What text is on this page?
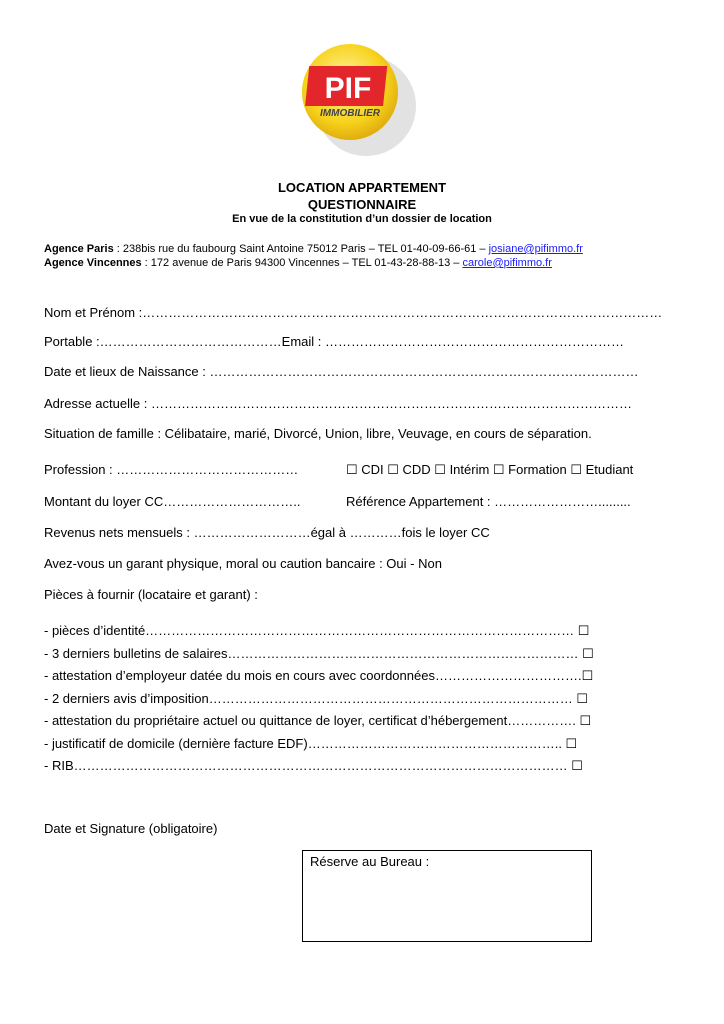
PIF
IMMOBILIER
LOCATION APPARTEMENT
QUESTIONNAIRE
En vue de la constitution d’un dossier de location
Agence Paris : 238bis rue du faubourg Saint Antoine 75012 Paris – TEL 01-40-09-66-61 – josiane@pifimmo.fr
Agence Vincennes : 172 avenue de Paris 94300 Vincennes – TEL 01-43-28-88-13 – carole@pifimmo.fr
Nom et Prénom :…………………………………………………………………………………………………………
Portable :……………………………………Email : ……………………………………………………………
Date et lieux de Naissance : ………………………………………………………………………………………
Adresse actuelle : …………………………………………………………………………………………………
Situation de famille : Célibataire, marié, Divorcé, Union, libre, Veuvage, en cours de séparation.
Profession : ……………………………………	☐ CDI ☐ CDD ☐ Intérim ☐ Formation ☐ Etudiant
Montant du loyer CC…………………………..	Référence Appartement : …………………….........
Revenus nets mensuels : ………………………égal à …………fois le loyer CC
Avez-vous un garant physique, moral ou caution bancaire : Oui - Non
Pièces à fournir (locataire et garant) :
- pièces d’identité……………………………………………………………………………………… ☐
- 3 derniers bulletins de salaires……………………………………………………………………… ☐
- attestation d’employeur datée du mois en cours avec coordonnées…………………………….☐
- 2 derniers avis d’imposition………………………………………………………………………… ☐
- attestation du propriétaire actuel ou quittance de loyer, certificat d’hébergement……………. ☐
- justificatif de domicile (dernière facture EDF)………………………………………………….. ☐
- RIB…………………………………………………………………………………………………… ☐
Date et Signature (obligatoire)
Réserve au Bureau :
